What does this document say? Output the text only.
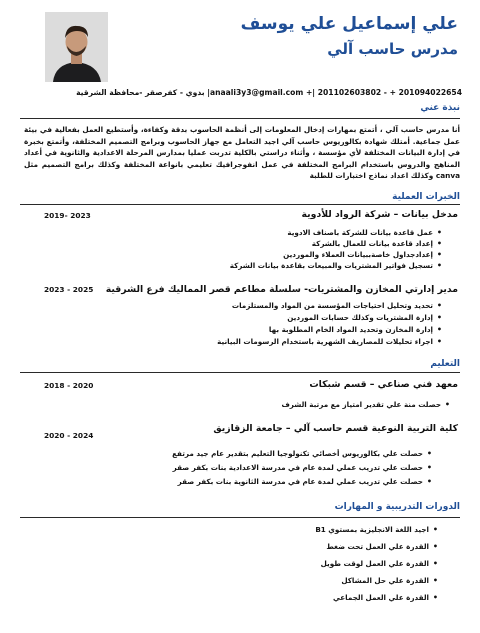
علي إسماعيل علي يوسف
مدرس حاسب آلي
201094022654 + - 201102603802 |+ anaali3y3@gmail.com| بدوي - كفرصقر -محافظة الشرقية
نبذة عني
أنا مدرس حاسب آلي ، أتمتع بمهارات إدخال المعلومات إلى أنظمة الحاسوب بدقة وكفاءة، وأستطيع العمل بفعالية في بيئة عمل جماعية. أمتلك شهادة بكالوريوس حاسب آلي اجيد التعامل مع جهاز الحاسوب وبرامج التصميم المختلفة، وأتمتع بخبرة في إدارة البيانات المختلفة لأي مؤسسة ، وأثناء دراستي بالكلية تدربت عمليا بمدارس المرحلة الاعدادية والثانوية في أعداد المناهج والدروس باستخدام البرامج المختلفة في عمل انفوجرافيك تعليمي بانواعة المختلفة وكذلك برامج التصميم مثل canva وكذلك اعداد نماذج اختبارات للطلبة
الخبرات العملية
مدخل بيانات – شركة الرواد للأدوية
2019- 2023
• عمل قاعدة بيانات للشركة باصناف الادوية
• إعداد قاعدة بيانات للعمال بالشركة
• إعدادجداول خاصةببيانات العملاء والموردين
• تسجيل فواتير المشتريات والمبيعات بقاعدة بيانات الشركة
مدير إدارتي المخازن والمشتريات- سلسلة مطاعم قصر المماليك فرع الشرقية
2023 - 2025
• تحديد وتحليل احتياجات المؤسسة من المواد والمستلزمات
• إدارة المشتريات وكذلك حسابات الموردين
• إدارة المخازن وتحديد المواد الخام المطلوبة بها
• اجراء تحليلات للمصاريف الشهرية باستخدام الرسومات البيانية
التعليم
معهد فني صناعي – قسم شبكات
2018 - 2020
• حصلت منة علي تقدير امتياز مع مرتبة الشرف
كلية التربية النوعية قسم حاسب آلي – جامعة الزقازيق
2020 - 2024
• حصلت علي بكالوريوس أخصائي تكنولوجيا التعليم بتقدير عام جيد مرتفع
• حصلت علي تدريب عملي لمدة عام في مدرسة الاعدادية بنات بكفر صقر
• حصلت علي تدريب عملي لمدة عام في مدرسة الثانوية بنات بكفر صقر
الدورات التدريبية و المهارات
• اجيد اللغة الانجليزية بمستوي B1
• القدرة علي العمل تحت ضغط
• القدرة علي العمل لوقت طويل
• القدرة علي حل المشاكل
• القدرة علي العمل الجماعي
